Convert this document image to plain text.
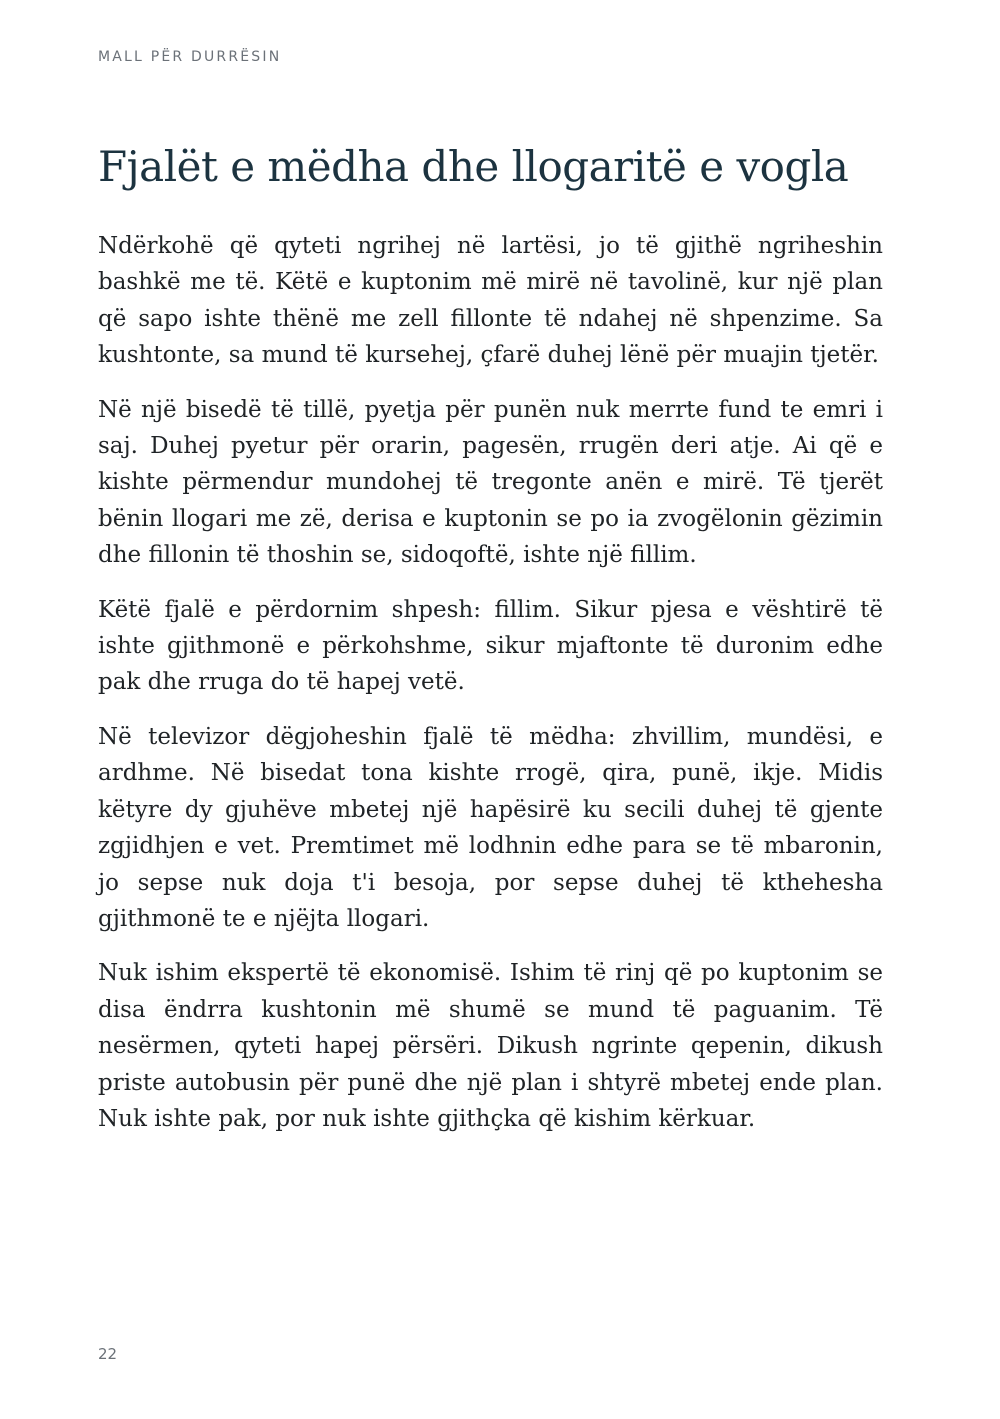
MALL PËR DURRËSIN
Fjalët e mëdha dhe llogaritë e vogla

Ndërkohë që qyteti ngrihej në lartësi, jo të gjithë ngriheshin bashkë me të. Këtë e kuptonim më mirë në tavolinë, kur një plan që sapo ishte thënë me zell fillonte të ndahej në shpenzime. Sa kushtonte, sa mund të kursehej, çfarë duhej lënë për muajin tjetër.

Në një bisedë të tillë, pyetja për punën nuk merrte fund te emri i saj. Duhej pyetur për orarin, pagesën, rrugën deri atje. Ai që e kishte përmendur mundohej të tregonte anën e mirë. Të tjerët bënin llogari me zë, derisa e kuptonin se po ia zvogëlonin gëzimin dhe fillonin të thoshin se, sidoqoftë, ishte një fillim.

Këtë fjalë e përdornim shpesh: fillim. Sikur pjesa e vështirë të ishte gjithmonë e përkohshme, sikur mjaftonte të duronim edhe pak dhe rruga do të hapej vetë.

Në televizor dëgjoheshin fjalë të mëdha: zhvillim, mundësi, e ardhme. Në bisedat tona kishte rrogë, qira, punë, ikje. Midis këtyre dy gjuhëve mbetej një hapësirë ku secili duhej të gjente zgjidhjen e vet. Premtimet më lodhnin edhe para se të mbaronin, jo sepse nuk doja t'i besoja, por sepse duhej të kthehesha gjithmonë te e njëjta llogari.

Nuk ishim ekspertë të ekonomisë. Ishim të rinj që po kuptonim se disa ëndrra kushtonin më shumë se mund të paguanim. Të nesërmen, qyteti hapej përsëri. Dikush ngrinte qepenin, dikush priste autobusin për punë dhe një plan i shtyrë mbetej ende plan. Nuk ishte pak, por nuk ishte gjithçka që kishim kërkuar.

22
